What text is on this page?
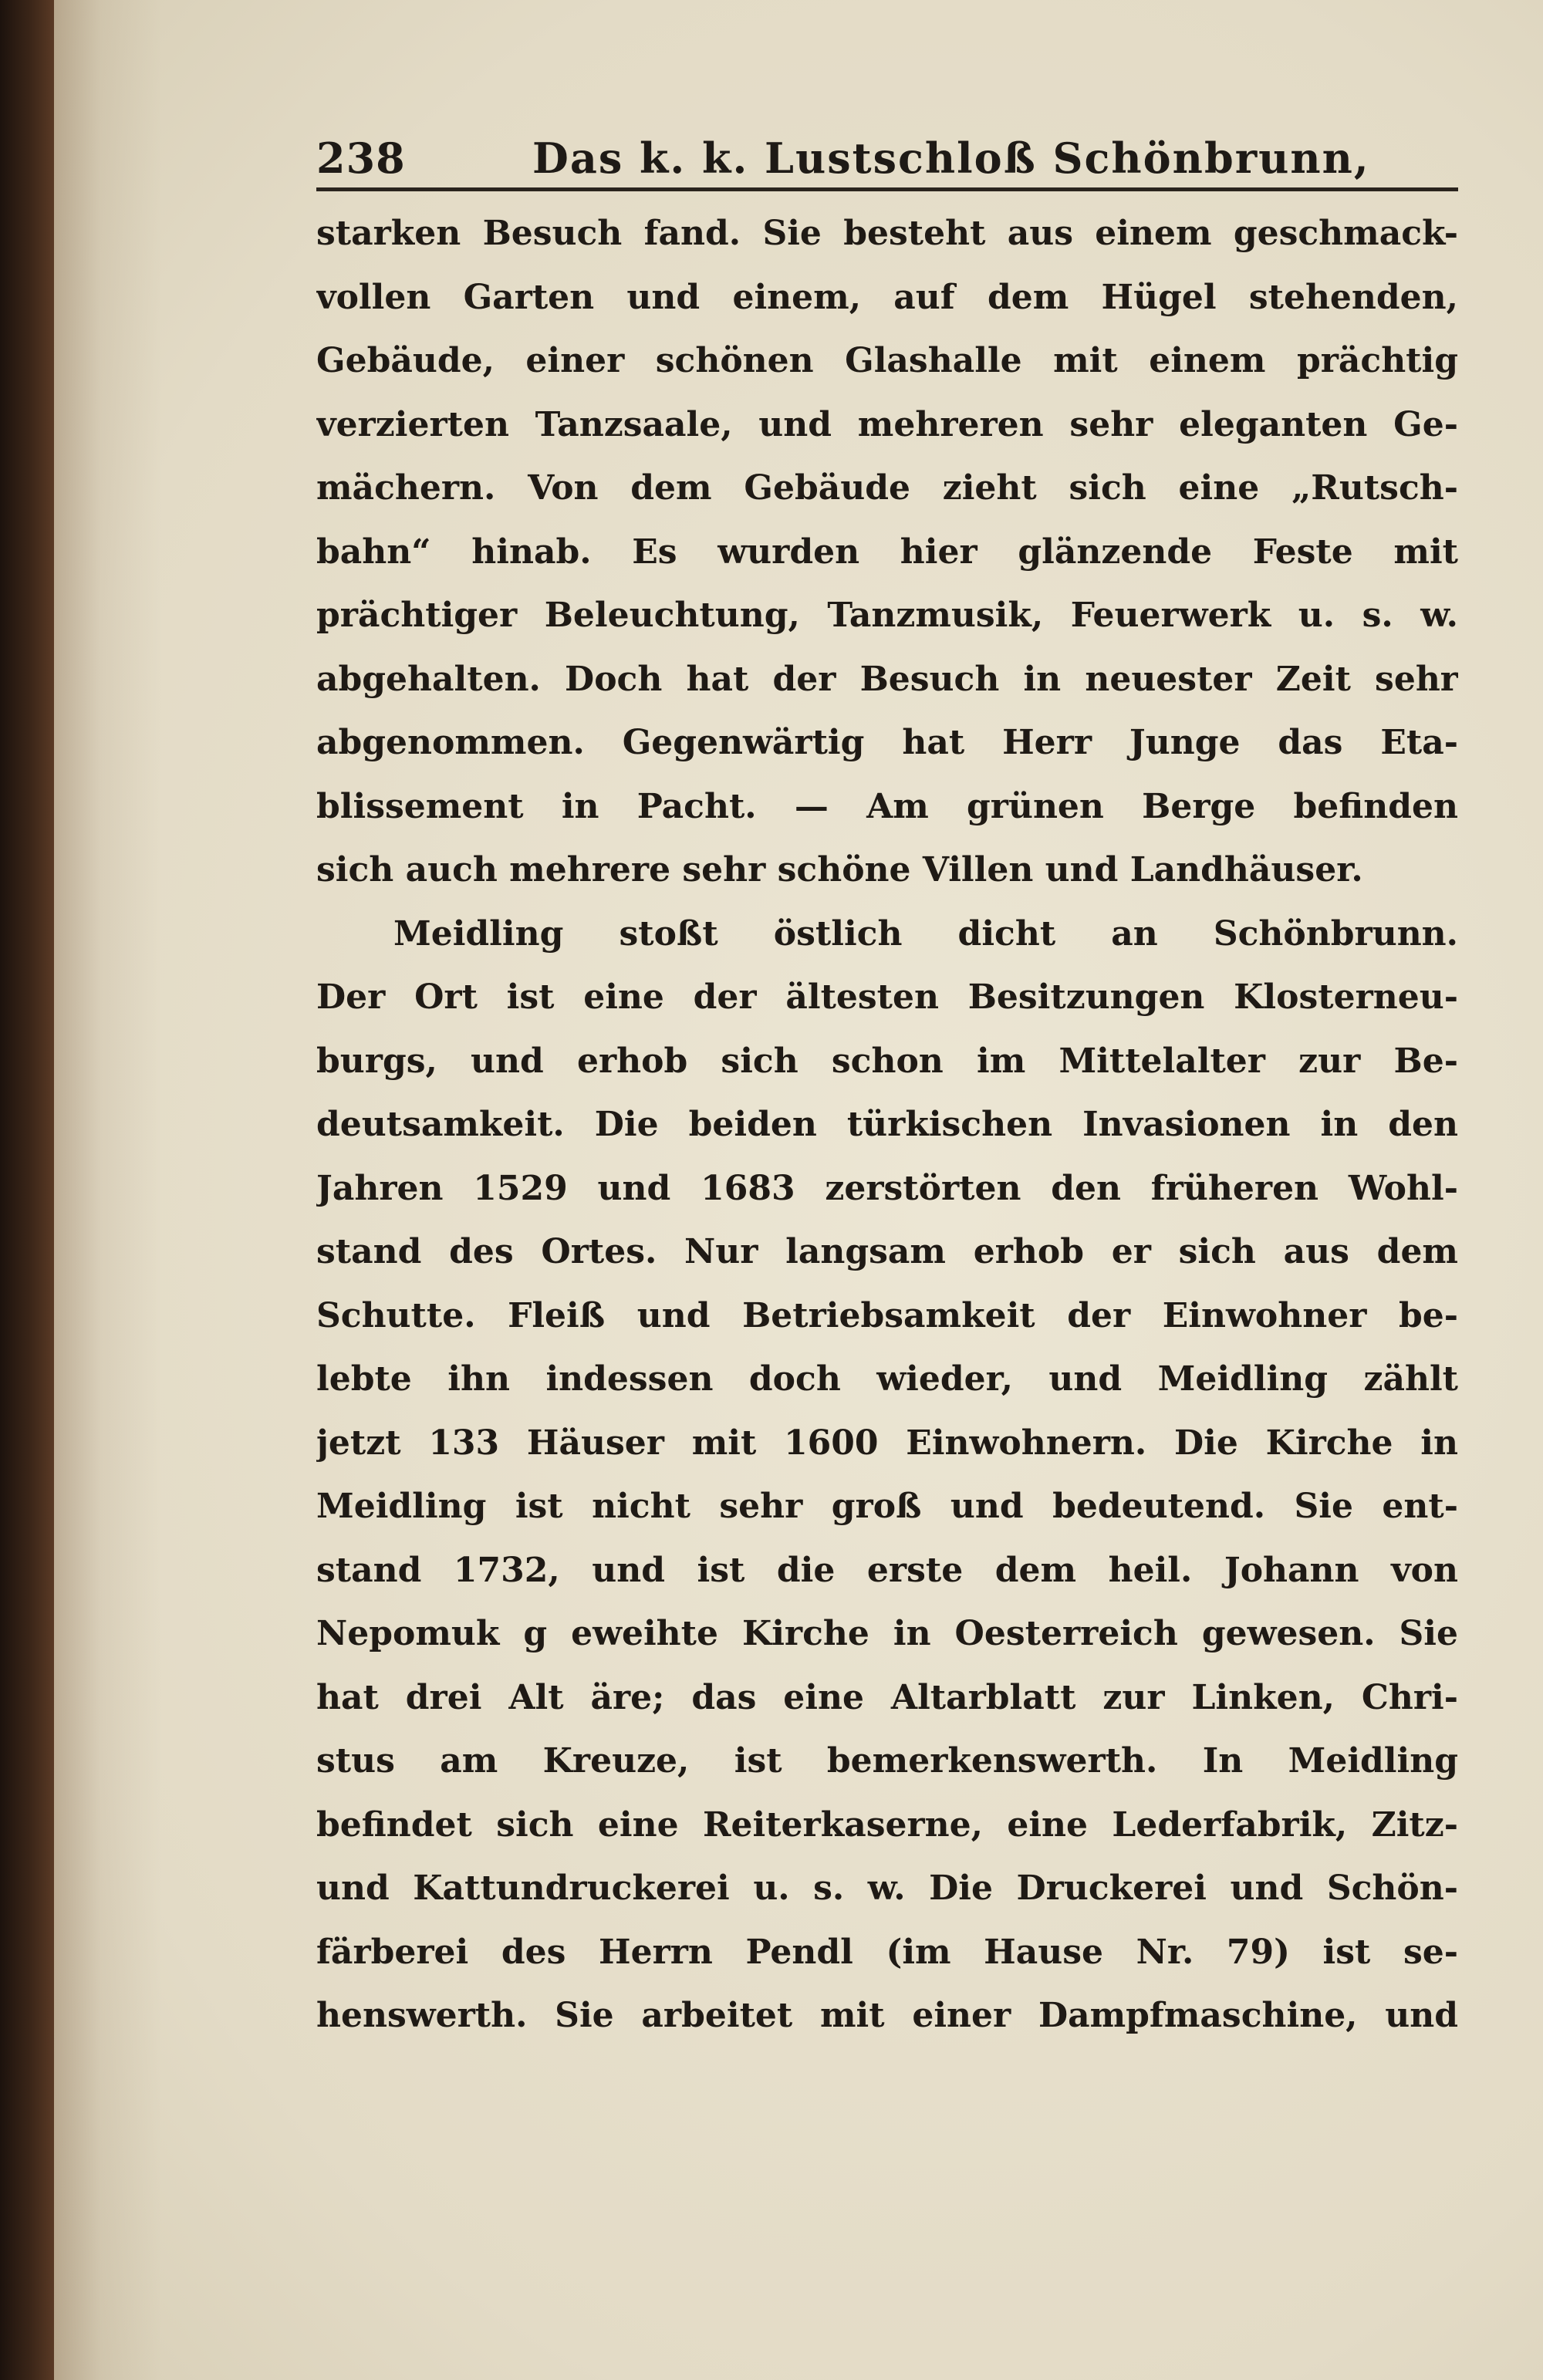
238	Das k. k. Lustschloß Schönbrunn,
starken Besuch fand. Sie besteht aus einem geschmack-
vollen Garten und einem, auf dem Hügel stehenden,
Gebäude, einer schönen Glashalle mit einem prächtig
verzierten Tanzsaale, und mehreren sehr eleganten Ge-
mächern. Von dem Gebäude zieht sich eine „Rutsch-
bahn“ hinab. Es wurden hier glänzende Feste mit
prächtiger Beleuchtung, Tanzmusik, Feuerwerk u. s. w.
abgehalten. Doch hat der Besuch in neuester Zeit sehr
abgenommen. Gegenwärtig hat Herr Junge das Eta-
blissement in Pacht. — Am grünen Berge befinden
sich auch mehrere sehr schöne Villen und Landhäuser.
Meidling stoßt östlich dicht an Schönbrunn.
Der Ort ist eine der ältesten Besitzungen Klosterneu-
burgs, und erhob sich schon im Mittelalter zur Be-
deutsamkeit. Die beiden türkischen Invasionen in den
Jahren 1529 und 1683 zerstörten den früheren Wohl-
stand des Ortes. Nur langsam erhob er sich aus dem
Schutte. Fleiß und Betriebsamkeit der Einwohner be-
lebte ihn indessen doch wieder, und Meidling zählt
jetzt 133 Häuser mit 1600 Einwohnern. Die Kirche in
Meidling ist nicht sehr groß und bedeutend. Sie ent-
stand 1732, und ist die erste dem heil. Johann von
Nepomuk g eweihte Kirche in Oesterreich gewesen. Sie
hat drei Alt äre; das eine Altarblatt zur Linken, Chri-
stus am Kreuze, ist bemerkenswerth. In Meidling
befindet sich eine Reiterkaserne, eine Lederfabrik, Zitz-
und Kattundruckerei u. s. w. Die Druckerei und Schön-
färberei des Herrn Pendl (im Hause Nr. 79) ist se-
henswerth. Sie arbeitet mit einer Dampfmaschine, und
